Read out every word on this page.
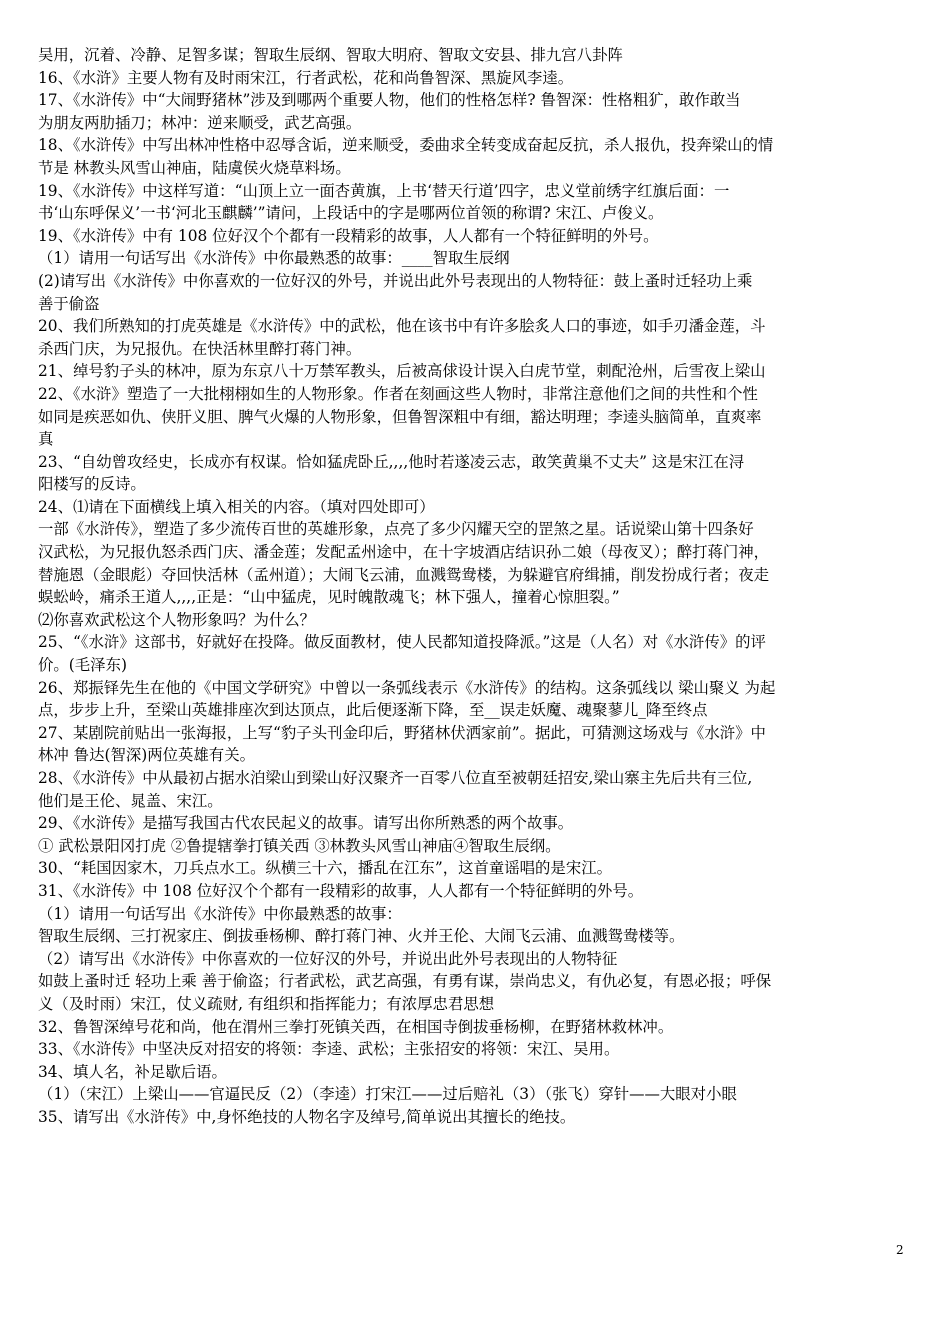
吴用，沉着、冷静、足智多谋；智取生辰纲、智取大明府、智取文安县、排九宫八卦阵
16、《水浒》主要人物有及时雨宋江，行者武松，花和尚鲁智深、黑旋风李逵。
17、《水浒传》中“大闹野猪林”涉及到哪两个重要人物，他们的性格怎样? 鲁智深：性格粗犷，敢作敢当
为朋友两肋插刀；林冲：逆来顺受，武艺高强。
18、《水浒传》中写出林冲性格中忍辱含诟，逆来顺受，委曲求全转变成奋起反抗，杀人报仇，投奔梁山的情
节是 林教头风雪山神庙，陆虞侯火烧草料场。
19、《水浒传》中这样写道：“山顶上立一面杏黄旗，上书‘替天行道’四字，忠义堂前绣字红旗后面：一
书‘山东呼保义’一书‘河北玉麒麟’”请问，上段话中的字是哪两位首领的称谓? 宋江、卢俊义。
19、《水浒传》中有 108 位好汉个个都有一段精彩的故事，人人都有一个特征鲜明的外号。
（1）请用一句话写出《水浒传》中你最熟悉的故事：____智取生辰纲
(2)请写出《水浒传》中你喜欢的一位好汉的外号，并说出此外号表现出的人物特征：鼓上蚤时迁轻功上乘
善于偷盗
20、我们所熟知的打虎英雄是《水浒传》中的武松，他在该书中有许多脍炙人口的事迹，如手刃潘金莲，斗
杀西门庆，为兄报仇。在快活林里醉打蒋门神。
21、绰号豹子头的林冲，原为东京八十万禁军教头，后被高俅设计误入白虎节堂，刺配沧州，后雪夜上梁山
22、《水浒》塑造了一大批栩栩如生的人物形象。作者在刻画这些人物时，非常注意他们之间的共性和个性
如同是疾恶如仇、侠肝义胆、脾气火爆的人物形象，但鲁智深粗中有细，豁达明理；李逵头脑简单，直爽率
真
23、“自幼曾攻经史，长成亦有权谋。恰如猛虎卧丘,,,,他时若遂凌云志，敢笑黄巢不丈夫” 这是宋江在浔
阳楼写的反诗。
24、⑴请在下面横线上填入相关的内容。（填对四处即可）
一部《水浒传》，塑造了多少流传百世的英雄形象，点亮了多少闪耀天空的罡煞之星。话说梁山第十四条好
汉武松，为兄报仇怒杀西门庆、潘金莲；发配孟州途中，在十字坡酒店结识孙二娘（母夜叉）；醉打蒋门神，
替施恩（金眼彪）夺回快活林（孟州道）；大闹飞云浦，血溅鸳鸯楼，为躲避官府缉捕，削发扮成行者；夜走
蜈蚣岭，痛杀王道人,,,,正是：“山中猛虎，见时魄散魂飞；林下强人，撞着心惊胆裂。”
⑵你喜欢武松这个人物形象吗？为什么？
25、“《水浒》这部书，好就好在投降。做反面教材，使人民都知道投降派。”这是（人名）对《水浒传》的评
价。(毛泽东)
26、郑振铎先生在他的《中国文学研究》中曾以一条弧线表示《水浒传》的结构。这条弧线以 梁山聚义 为起
点，步步上升，至梁山英雄排座次到达顶点，此后便逐渐下降，至__误走妖魔、魂聚蓼儿_降至终点
27、某剧院前贴出一张海报，上写“豹子头刊金印后，野猪林伏洒家前”。据此，可猜测这场戏与《水浒》中
林冲 鲁达(智深)两位英雄有关。
28、《水浒传》中从最初占据水泊梁山到梁山好汉聚齐一百零八位直至被朝廷招安,梁山寨主先后共有三位,
他们是王伦、晁盖、宋江。
29、《水浒传》是描写我国古代农民起义的故事。请写出你所熟悉的两个故事。
① 武松景阳冈打虎 ②鲁提辖拳打镇关西 ③林教头风雪山神庙④智取生辰纲。
30、“耗国因家木，刀兵点水工。纵横三十六，播乱在江东”，这首童谣唱的是宋江。
31、《水浒传》中 108 位好汉个个都有一段精彩的故事，人人都有一个特征鲜明的外号。
（1）请用一句话写出《水浒传》中你最熟悉的故事：
智取生辰纲、三打祝家庄、倒拔垂杨柳、醉打蒋门神、火并王伦、大闹飞云浦、血溅鸳鸯楼等。
（2）请写出《水浒传》中你喜欢的一位好汉的外号，并说出此外号表现出的人物特征
如鼓上蚤时迁 轻功上乘 善于偷盗；行者武松，武艺高强，有勇有谋，崇尚忠义，有仇必复，有恩必报；呼保
义（及时雨）宋江，仗义疏财, 有组织和指挥能力；有浓厚忠君思想
32、鲁智深绰号花和尚，他在渭州三拳打死镇关西，在相国寺倒拔垂杨柳，在野猪林救林冲。
33、《水浒传》中坚决反对招安的将领：李逵、武松；主张招安的将领：宋江、吴用。
34、填人名，补足歇后语。
（1）（宋江）上梁山——官逼民反（2）（李逵）打宋江——过后赔礼（3）（张飞）穿针——大眼对小眼
35、请写出《水浒传》中,身怀绝技的人物名字及绰号,简单说出其擅长的绝技。
2
